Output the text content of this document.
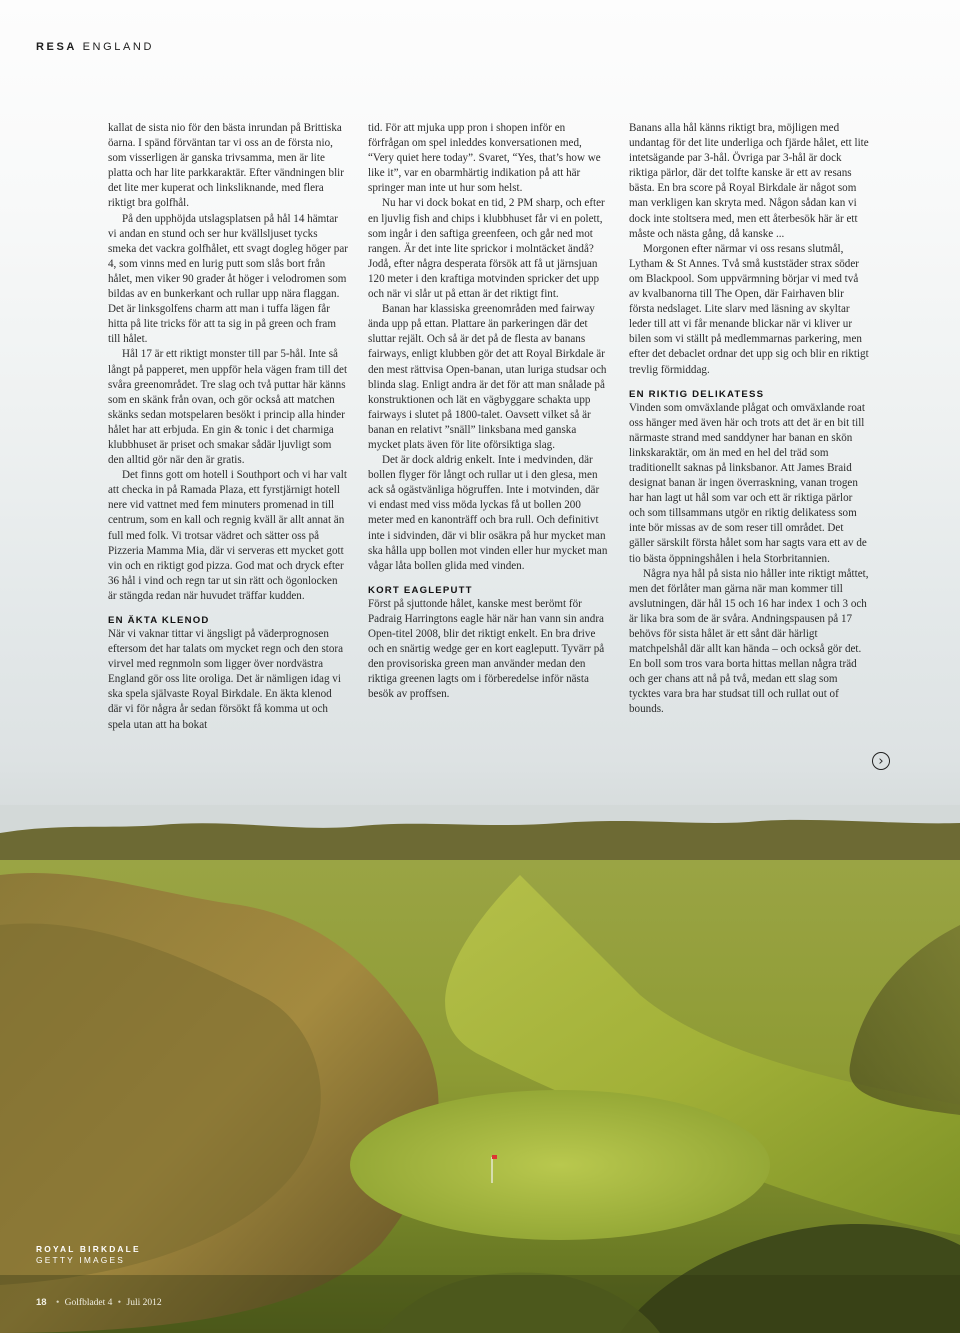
RESA ENGLAND

kallat de sista nio för den bästa inrundan på Brittiska öarna. I spänd förväntan tar vi oss an de första nio, som visserligen är ganska trivsamma, men är lite platta och har lite parkkaraktär. Efter vändningen blir det lite mer kuperat och linksliknande, med flera riktigt bra golfhål.

På den upphöjda utslagsplatsen på hål 14 hämtar vi andan en stund och ser hur kvällsljuset tycks smeka det vackra golfhålet, ett svagt dogleg höger par 4, som vinns med en lurig putt som slås bort från hålet, men viker 90 grader åt höger i velodromen som bildas av en bunkerkant och rullar upp nära flaggan. Det är linksgolfens charm att man i tuffa lägen får hitta på lite tricks för att ta sig in på green och fram till hålet.

Hål 17 är ett riktigt monster till par 5-hål. Inte så långt på papperet, men uppför hela vägen fram till det svåra greenområdet. Tre slag och två puttar här känns som en skänk från ovan, och gör också att matchen skänks sedan motspelaren besökt i princip alla hinder hålet har att erbjuda. En gin & tonic i det charmiga klubbhuset är priset och smakar sådär ljuvligt som den alltid gör när den är gratis.

Det finns gott om hotell i Southport och vi har valt att checka in på Ramada Plaza, ett fyrstjärnigt hotell nere vid vattnet med fem minuters promenad in till centrum, som en kall och regnig kväll är allt annat än full med folk. Vi trotsar vädret och sätter oss på Pizzeria Mamma Mia, där vi serveras ett mycket gott vin och en riktigt god pizza. God mat och dryck efter 36 hål i vind och regn tar ut sin rätt och ögonlocken är stängda redan när huvudet träffar kudden.

EN ÄKTA KLENOD

När vi vaknar tittar vi ängsligt på väderprognosen eftersom det har talats om mycket regn och den stora virvel med regnmoln som ligger över nordvästra England gör oss lite oroliga. Det är nämligen idag vi ska spela självaste Royal Birkdale. En äkta klenod där vi för några år sedan försökt få komma ut och spela utan att ha bokat

tid. För att mjuka upp pron i shopen inför en förfrågan om spel inleddes konversationen med, “Very quiet here today”. Svaret, “Yes, that’s how we like it”, var en obarmhärtig indikation på att här springer man inte ut hur som helst.

Nu har vi dock bokat en tid, 2 PM sharp, och efter en ljuvlig fish and chips i klubbhuset får vi en polett, som ingår i den saftiga greenfeen, och går ned mot rangen. Är det inte lite sprickor i molntäcket ändå? Jodå, efter några desperata försök att få ut järnsjuan 120 meter i den kraftiga motvinden spricker det upp och när vi slår ut på ettan är det riktigt fint.

Banan har klassiska greenområden med fairway ända upp på ettan. Plattare än parkeringen där det sluttar rejält. Och så är det på de flesta av banans fairways, enligt klubben gör det att Royal Birkdale är den mest rättvisa Open-banan, utan luriga studsar och blinda slag. Enligt andra är det för att man snålade på konstruktionen och lät en vägbyggare schakta upp fairways i slutet på 1800-talet. Oavsett vilket så är banan en relativt ”snäll” linksbana med ganska mycket plats även för lite oförsiktiga slag.

Det är dock aldrig enkelt. Inte i medvinden, där bollen flyger för långt och rullar ut i den glesa, men ack så ogästvänliga högruffen. Inte i motvinden, där vi endast med viss möda lyckas få ut bollen 200 meter med en kanonträff och bra rull. Och definitivt inte i sidvinden, där vi blir osäkra på hur mycket man ska hålla upp bollen mot vinden eller hur mycket man vågar låta bollen glida med vinden.

KORT EAGLEPUTT

Först på sjuttonde hålet, kanske mest berömt för Padraig Harringtons eagle här när han vann sin andra Open-titel 2008, blir det riktigt enkelt. En bra drive och en snärtig wedge ger en kort eagleputt. Tyvärr på den provisoriska green man använder medan den riktiga greenen lagts om i förberedelse inför nästa besök av proffsen.

Banans alla hål känns riktigt bra, möjligen med undantag för det lite underliga och fjärde hålet, ett lite intetsägande par 3-hål. Övriga par 3-hål är dock riktiga pärlor, där det tolfte kanske är ett av resans bästa. En bra score på Royal Birkdale är något som man verkligen kan skryta med. Någon sådan kan vi dock inte stoltsera med, men ett återbesök här är ett måste och nästa gång, då kanske ...

Morgonen efter närmar vi oss resans slutmål, Lytham & St Annes. Två små kuststäder strax söder om Blackpool. Som uppvärmning börjar vi med två av kvalbanorna till The Open, där Fairhaven blir första nedslaget. Lite slarv med läsning av skyltar leder till att vi får menande blickar när vi kliver ur bilen som vi ställt på medlemmarnas parkering, men efter det debaclet ordnar det upp sig och blir en riktigt trevlig förmiddag.

EN RIKTIG DELIKATESS

Vinden som omväxlande plågat och omväxlande roat oss hänger med även här och trots att det är en bit till närmaste strand med sanddyner har banan en skön linkskaraktär, om än med en hel del träd som traditionellt saknas på linksbanor. Att James Braid designat banan är ingen överraskning, vanan trogen har han lagt ut hål som var och ett är riktiga pärlor och som tillsammans utgör en riktig delikatess som inte bör missas av de som reser till området. Det gäller särskilt första hålet som har sagts vara ett av de tio bästa öppningshålen i hela Storbritannien.

Några nya hål på sista nio håller inte riktigt måttet, men det förlåter man gärna när man kommer till avslutningen, där hål 15 och 16 har index 1 och 3 och är lika bra som de är svåra. Andningspausen på 17 behövs för sista hålet är ett sånt där härligt matchpelshål där allt kan hända – och också gör det. En boll som tros vara borta hittas mellan några träd och ger chans att nå på två, medan ett slag som tycktes vara bra har studsat till och rullat out of bounds.

›
ROYAL BIRKDALE
GETTY IMAGES
18 • Golfbladet 4 • Juli 2012
